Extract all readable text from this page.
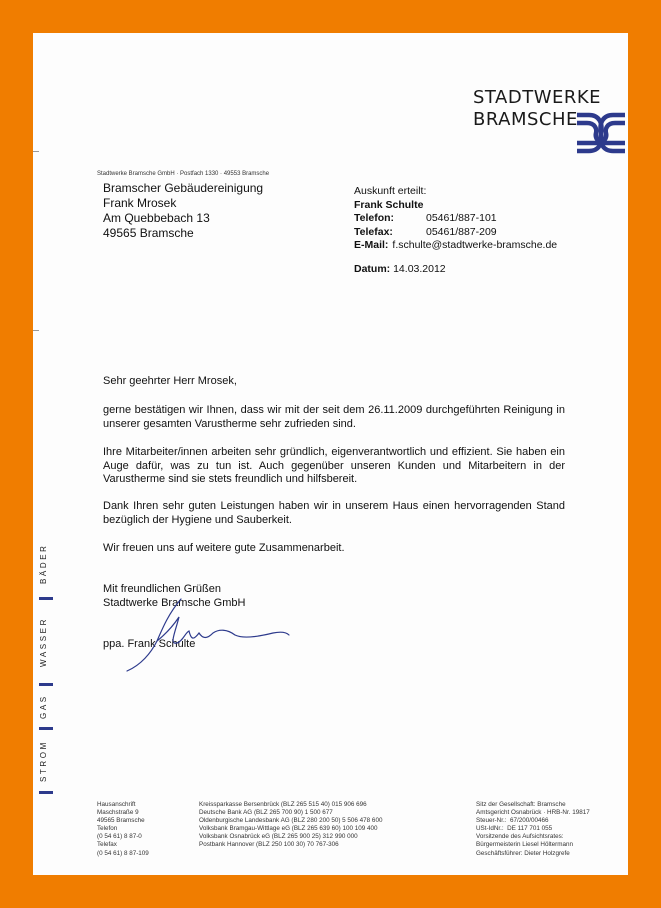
STADTWERKE
BRAMSCHE
Stadtwerke Bramsche GmbH · Postfach 1330 · 49553 Bramsche
Bramscher Gebäudereinigung
Frank Mrosek
Am Quebbebach 13
49565 Bramsche
Auskunft erteilt:
Frank Schulte
Telefon:	05461/887-101
Telefax:	05461/887-209
E-Mail: f.schulte@stadtwerke-bramsche.de
Datum: 14.03.2012
Sehr geehrter Herr Mrosek,
gerne bestätigen wir Ihnen, dass wir mit der seit dem 26.11.2009 durchgeführten Reinigung in unserer gesamten Varustherme sehr zufrieden sind.
Ihre Mitarbeiter/innen arbeiten sehr gründlich, eigenverantwortlich und effizient. Sie haben ein Auge dafür, was zu tun ist. Auch gegenüber unseren Kunden und Mitarbeitern in der Varustherme sind sie stets freundlich und hilfsbereit.
Dank Ihren sehr guten Leistungen haben wir in unserem Haus einen hervorragenden Stand bezüglich der Hygiene und Sauberkeit.
Wir freuen uns auf weitere gute Zusammenarbeit.
Mit freundlichen Grüßen
Stadtwerke Bramsche GmbH
ppa. Frank Schulte
BÄDER
WASSER
GAS
STROM
Hausanschrift
Maschstraße 9
49565 Bramsche
Telefon
(0 54 61) 8 87-0
Telefax
(0 54 61) 8 87-109
Kreissparkasse Bersenbrück (BLZ 265 515 40) 015 906 696
Deutsche Bank AG (BLZ 265 700 90) 1 500 677
Oldenburgische Landesbank AG (BLZ 280 200 50) 5 506 478 600
Volksbank Bramgau-Wittlage eG (BLZ 265 639 60) 100 109 400
Volksbank Osnabrück eG (BLZ 265 900 25) 312 990 000
Postbank Hannover (BLZ 250 100 30) 70 767-306
Sitz der Gesellschaft: Bramsche
Amtsgericht Osnabrück · HRB-Nr. 19817
Steuer-Nr.:  67/200/00466
USt-IdNr.:  DE 117 701 055
Vorsitzende des Aufsichtsrates:
Bürgermeisterin Liesel Höltermann
Geschäftsführer: Dieter Holzgrefe
